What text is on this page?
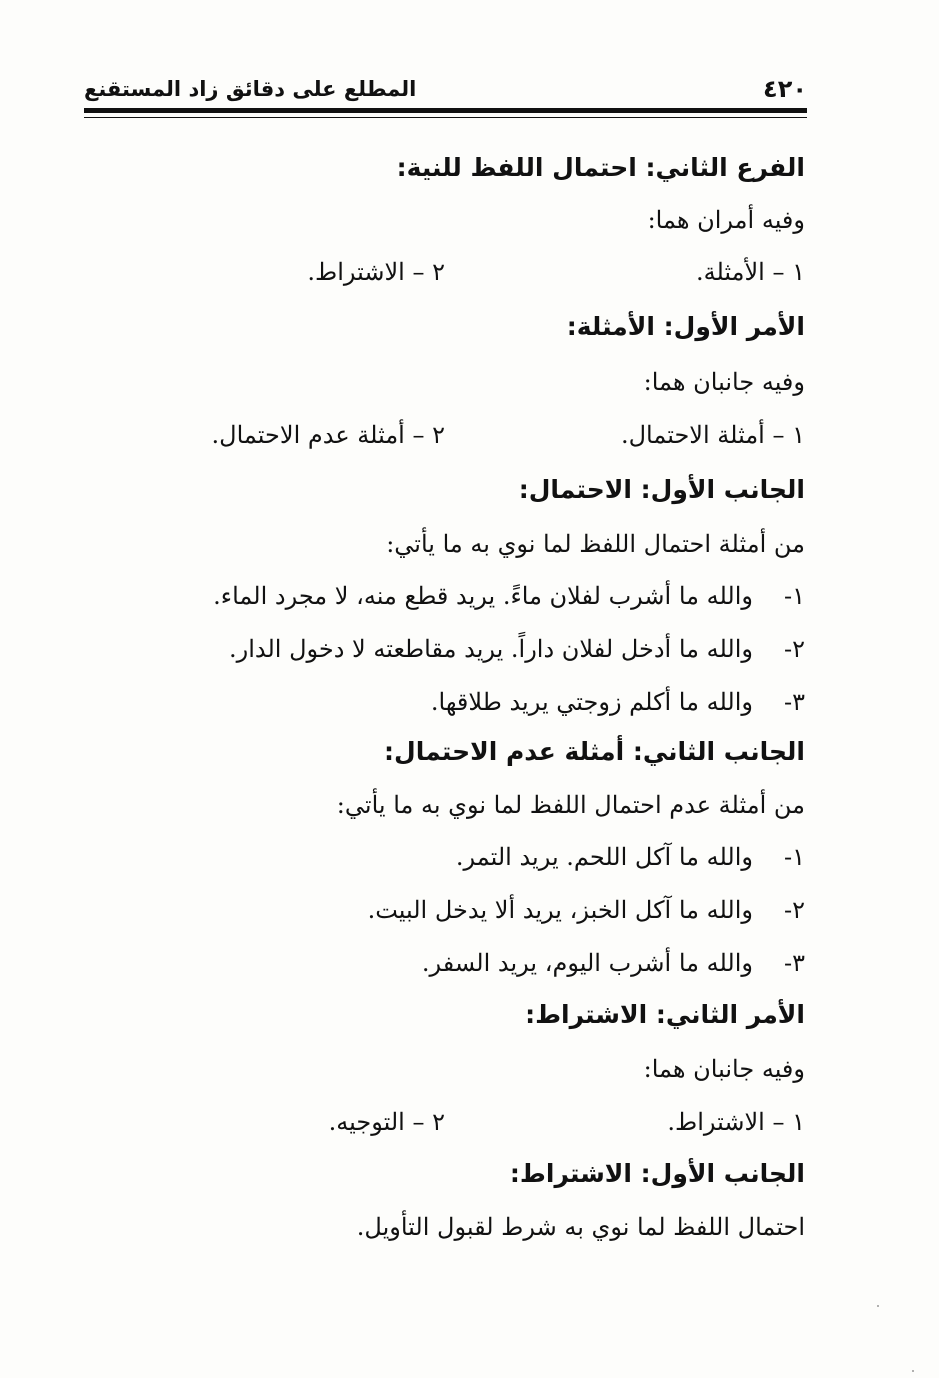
٤٢٠
المطلع على دقائق زاد المستقنع
الفرع الثاني: احتمال اللفظ للنية:
وفيه أمران هما:
١ – الأمثلة.
٢ – الاشتراط.
الأمر الأول: الأمثلة:
وفيه جانبان هما:
١ – أمثلة الاحتمال.
٢ – أمثلة عدم الاحتمال.
الجانب الأول: الاحتمال:
من أمثلة احتمال اللفظ لما نوي به ما يأتي:
١-والله ما أشرب لفلان ماءً. يريد قطع منه، لا مجرد الماء.
٢-والله ما أدخل لفلان داراً. يريد مقاطعته لا دخول الدار.
٣-والله ما أكلم زوجتي يريد طلاقها.
الجانب الثاني: أمثلة عدم الاحتمال:
من أمثلة عدم احتمال اللفظ لما نوي به ما يأتي:
١-والله ما آكل اللحم. يريد التمر.
٢-والله ما آكل الخبز، يريد ألا يدخل البيت.
٣-والله ما أشرب اليوم، يريد السفر.
الأمر الثاني: الاشتراط:
وفيه جانبان هما:
١ – الاشتراط.
٢ – التوجيه.
الجانب الأول: الاشتراط:
احتمال اللفظ لما نوي به شرط لقبول التأويل.
